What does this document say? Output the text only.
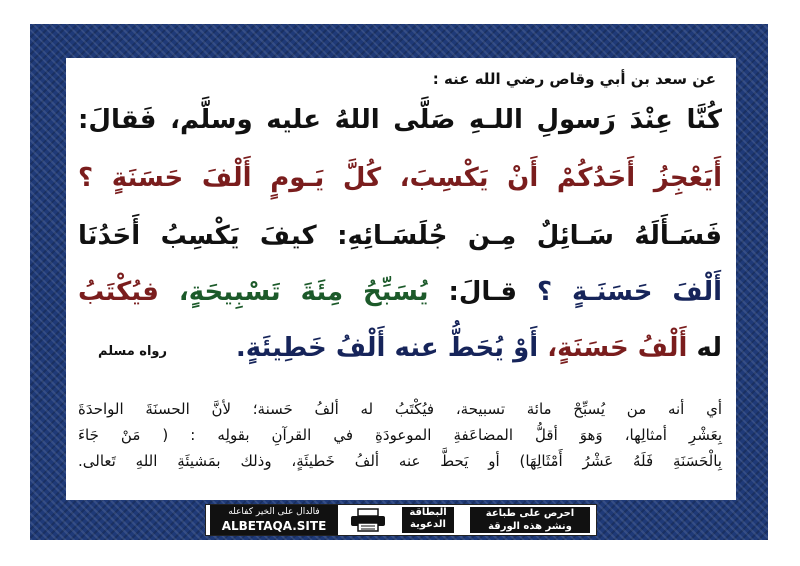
عن سعد بن أبي وقاص رضي الله عنه :
كُنَّا عِنْدَ رَسولِ اللـهِ صَلَّى اللهُ عليه وسلَّم، فَقالَ:
أَيَعْجِزُ أَحَدُكُمْ أَنْ يَكْسِبَ، كُلَّ يَـومٍ أَلْفَ حَسَنَةٍ ؟
فَسَـأَلَهُ سَـائِلٌ مِـن جُلَسَـائِهِ: كيفَ يَكْسِبُ أَحَدُنَا
أَلْفَ حَسَنَـةٍ ؟ قـالَ: يُسَبِّحُ مِئَةَ تَسْبِيحَةٍ، فيُكْتَبُ
له أَلْفُ حَسَنَةٍ، أَوْ يُحَطُّ عنه أَلْفُ خَطِيئَةٍ.
رواه مسلم
أي أنه من يُسبِّحْ مائة تسبيحة، فيُكْتَبُ له ألفُ حَسنة؛ لأنَّ الحسنَةَ الواحدَةَ
بِعَشْرِ أمثالِها، وَهوَ أقلُّ المضاعَفةِ الموعودَةِ في القرآنِ بقولِه : ( مَنْ جَاءَ
بِالْحَسَنَةِ فَلَهُ عَشْرُ أَمْثَالِهَا) أو يَحطَّ عنه ألفُ خَطيئَةٍ، وذلك بمَشيئَةِ اللهِ تَعالى.
فالدال على الخير كفاعله
ALBETAQA.SITE
البطاقة الدعوية
احرص على طباعة
ونشر هذه الورقة
